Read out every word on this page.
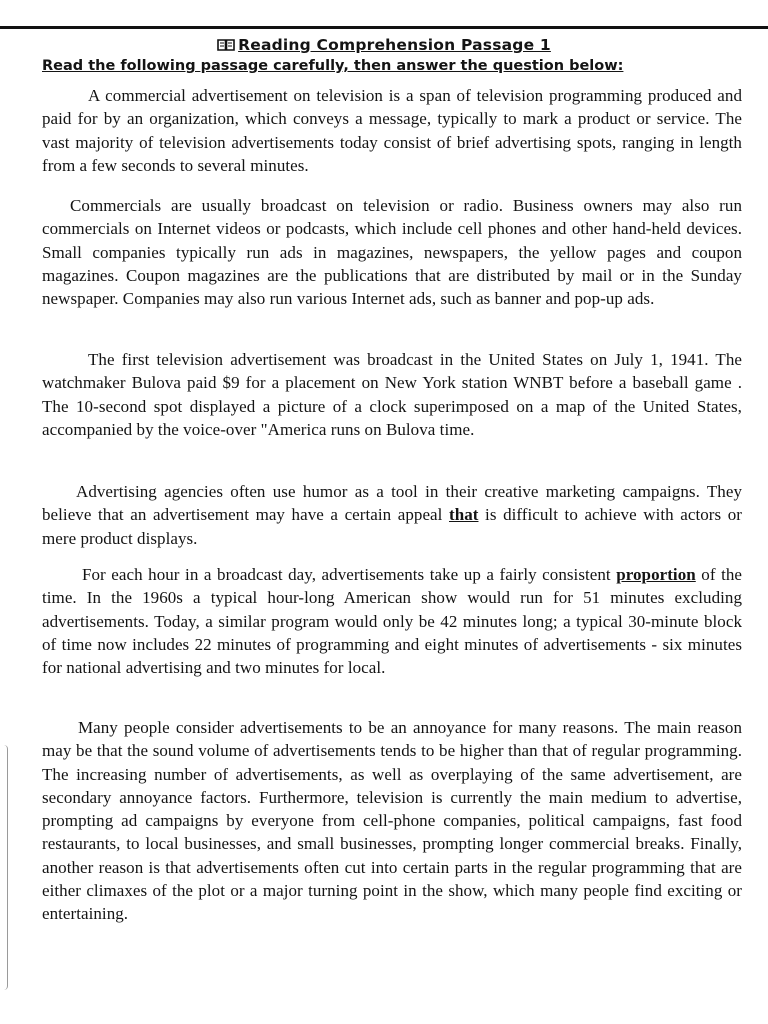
Reading Comprehension Passage 1
Read the following passage carefully, then answer the question below:
A commercial advertisement on television is a span of television programming produced and paid for by an organization, which conveys a message, typically to mark a product or service. The vast majority of television advertisements today consist of brief advertising spots, ranging in length from a few seconds to several minutes.
Commercials are usually broadcast on television or radio. Business owners may also run commercials on Internet videos or podcasts, which include cell phones and other hand-held devices. Small companies typically run ads in magazines, newspapers, the yellow pages and coupon magazines. Coupon magazines are the publications that are distributed by mail or in the Sunday newspaper. Companies may also run various Internet ads, such as banner and pop-up ads.
The first television advertisement was broadcast in the United States on July 1, 1941. The watchmaker Bulova paid $9 for a placement on New York station WNBT before a baseball game . The 10-second spot displayed a picture of a clock superimposed on a map of the United States, accompanied by the voice-over "America runs on Bulova time.
Advertising agencies often use humor as a tool in their creative marketing campaigns. They believe that an advertisement may have a certain appeal that is difficult to achieve with actors or mere product displays.
For each hour in a broadcast day, advertisements take up a fairly consistent proportion of the time. In the 1960s a typical hour-long American show would run for 51 minutes excluding advertisements. Today, a similar program would only be 42 minutes long; a typical 30-minute block of time now includes 22 minutes of programming and eight minutes of advertisements - six minutes for national advertising and two minutes for local.
Many people consider advertisements to be an annoyance for many reasons. The main reason may be that the sound volume of advertisements tends to be higher than that of regular programming. The increasing number of advertisements, as well as overplaying of the same advertisement, are secondary annoyance factors. Furthermore, television is currently the main medium to advertise, prompting ad campaigns by everyone from cell-phone companies, political campaigns, fast food restaurants, to local businesses, and small businesses, prompting longer commercial breaks. Finally, another reason is that advertisements often cut into certain parts in the regular programming that are either climaxes of the plot or a major turning point in the show, which many people find exciting or entertaining.
